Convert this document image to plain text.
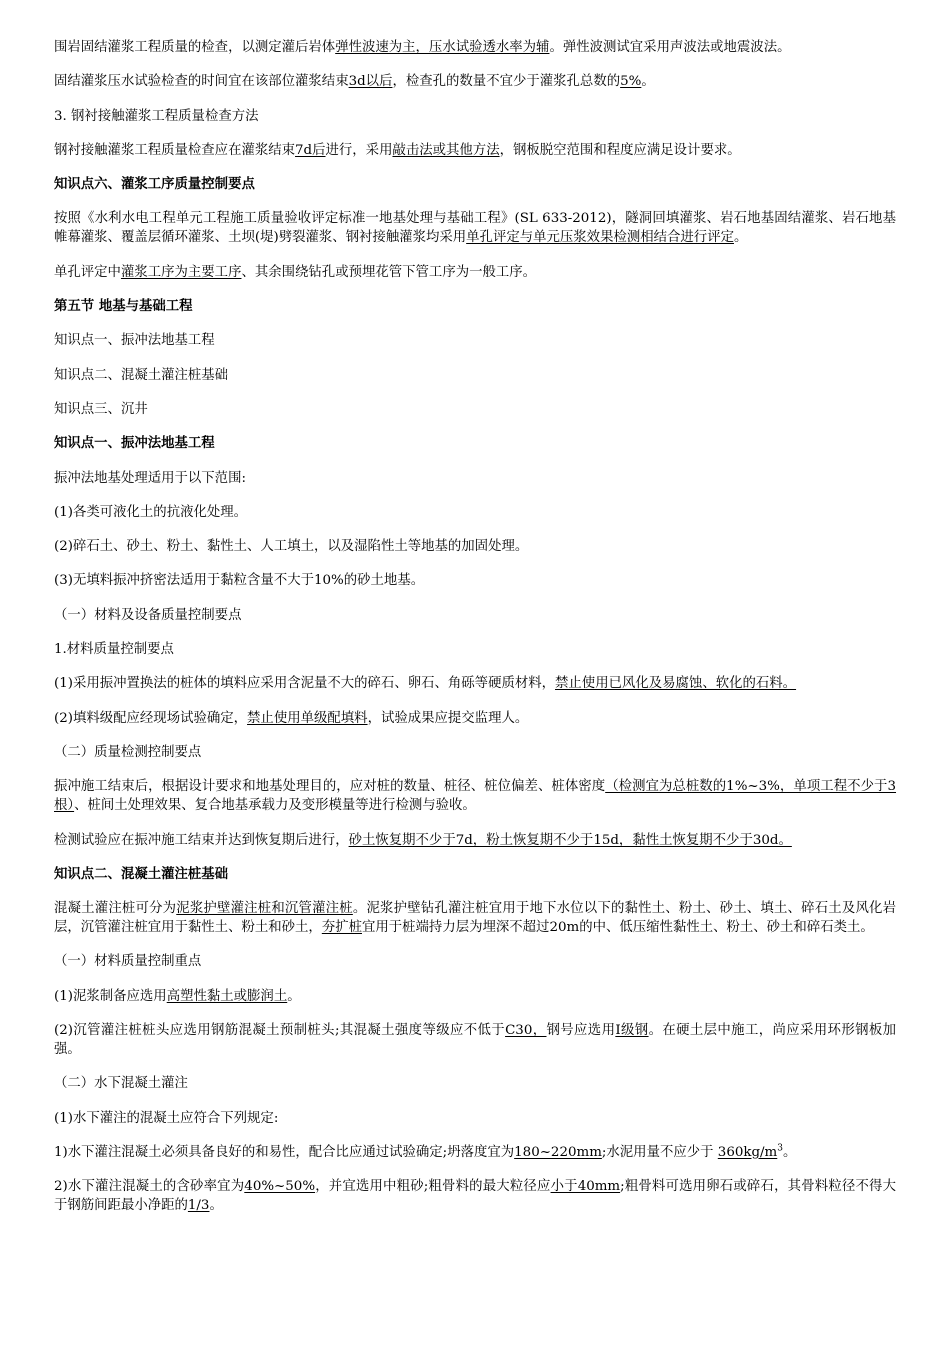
围岩固结灌浆工程质量的检查，以测定灌后岩体弹性波速为主，压水试验透水率为辅。弹性波测试宜采用声波法或地震波法。

固结灌浆压水试验检查的时间宜在该部位灌浆结束3d以后，检查孔的数量不宜少于灌浆孔总数的5%。

3. 钢衬接触灌浆工程质量检查方法

钢衬接触灌浆工程质量检查应在灌浆结束7d后进行，采用敲击法或其他方法，钢板脱空范围和程度应满足设计要求。

知识点六、灌浆工序质量控制要点

按照《水利水电工程单元工程施工质量验收评定标准一地基处理与基础工程》(SL 633-2012)，隧洞回填灌浆、岩石地基固结灌浆、岩石地基帷幕灌浆、覆盖层循环灌浆、土坝(堤)劈裂灌浆、钢衬接触灌浆均采用单孔评定与单元压浆效果检测相结合进行评定。

单孔评定中灌浆工序为主要工序、其余围绕钻孔或预埋花管下管工序为一般工序。

第五节 地基与基础工程

知识点一、振冲法地基工程

知识点二、混凝土灌注桩基础

知识点三、沉井

知识点一、振冲法地基工程

振冲法地基处理适用于以下范围:

(1)各类可液化土的抗液化处理。

(2)碎石土、砂土、粉土、黏性土、人工填土，以及湿陷性土等地基的加固处理。

(3)无填料振冲挤密法适用于黏粒含量不大于10%的砂土地基。

（一）材料及设备质量控制要点

1.材料质量控制要点

(1)采用振冲置换法的桩体的填料应采用含泥量不大的碎石、卵石、角砾等硬质材料，禁止使用已风化及易腐蚀、软化的石料。

(2)填料级配应经现场试验确定，禁止使用单级配填料，试验成果应提交监理人。

（二）质量检测控制要点

振冲施工结束后，根据设计要求和地基处理目的，应对桩的数量、桩径、桩位偏差、桩体密度（检测宜为总桩数的1%~3%，单项工程不少于3根）、桩间土处理效果、复合地基承载力及变形模量等进行检测与验收。

检测试验应在振冲施工结束并达到恢复期后进行，砂土恢复期不少于7d，粉土恢复期不少于15d，黏性土恢复期不少于30d。

知识点二、混凝土灌注桩基础

混凝土灌注桩可分为泥浆护壁灌注桩和沉管灌注桩。泥浆护壁钻孔灌注桩宜用于地下水位以下的黏性土、粉土、砂土、填土、碎石土及风化岩层，沉管灌注桩宜用于黏性土、粉土和砂土，夯扩桩宜用于桩端持力层为埋深不超过20m的中、低压缩性黏性土、粉土、砂土和碎石类土。

（一）材料质量控制重点

(1)泥浆制备应选用高塑性黏土或膨润土。

(2)沉管灌注桩桩头应选用钢筋混凝土预制桩头;其混凝土强度等级应不低于C30，钢号应选用I级钢。在硬土层中施工，尚应采用环形钢板加强。

（二）水下混凝土灌注

(1)水下灌注的混凝土应符合下列规定:

1)水下灌注混凝土必须具备良好的和易性，配合比应通过试验确定;坍落度宜为180~220mm;水泥用量不应少于 $360kg/m^3$。

2)水下灌注混凝土的含砂率宜为40%~50%，并宜选用中粗砂;粗骨料的最大粒径应小于40mm;粗骨料可选用卵石或碎石，其骨料粒径不得大于钢筋间距最小净距的1/3。
